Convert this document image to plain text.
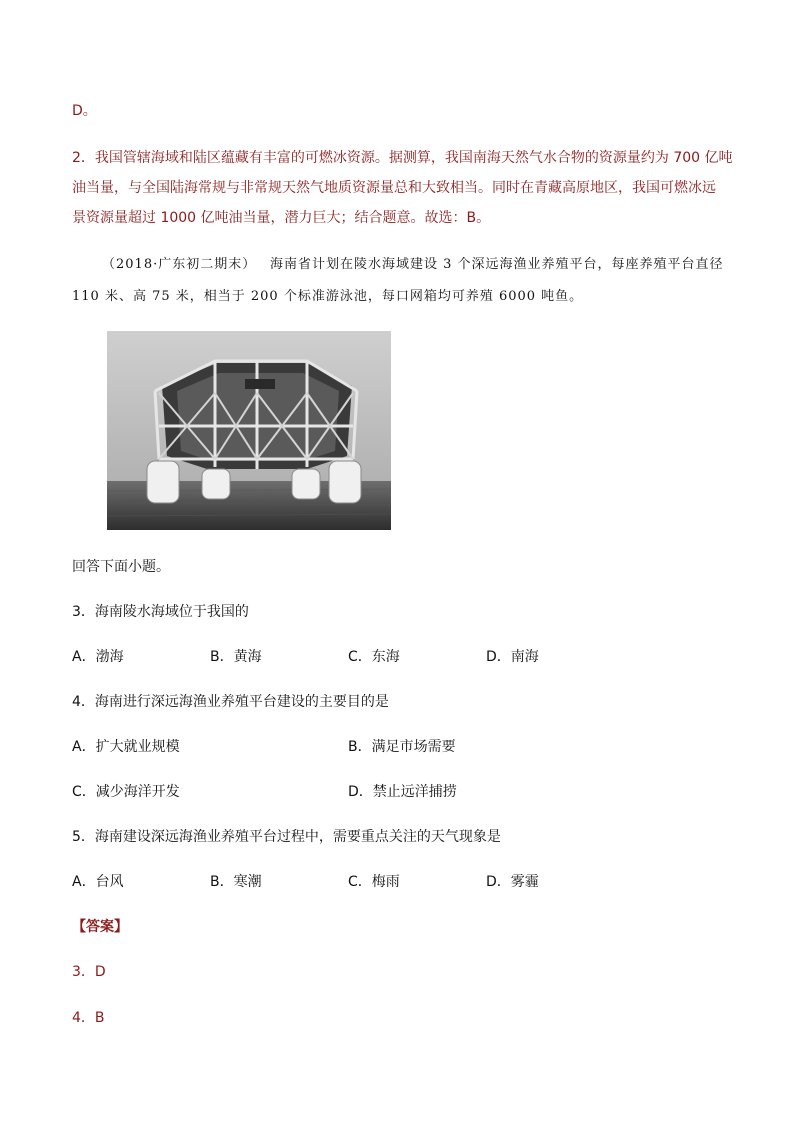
D。
2．我国管辖海域和陆区蕴藏有丰富的可燃冰资源。据测算，我国南海天然气水合物的资源量约为 700 亿吨
油当量，与全国陆海常规与非常规天然气地质资源量总和大致相当。同时在青藏高原地区，我国可燃冰远
景资源量超过 1000 亿吨油当量，潜力巨大；结合题意。故选：B。
（2018·广东初二期末） 海南省计划在陵水海域建设 3 个深远海渔业养殖平台，每座养殖平台直径
110 米、高 75 米，相当于 200 个标准游泳池，每口网箱均可养殖 6000 吨鱼。
回答下面小题。
3．海南陵水海域位于我国的
A．渤海	B．黄海	C．东海	D．南海
4．海南进行深远海渔业养殖平台建设的主要目的是
A．扩大就业规模	B．满足市场需要
C．减少海洋开发	D．禁止远洋捕捞
5．海南建设深远海渔业养殖平台过程中，需要重点关注的天气现象是
A．台风	B．寒潮	C．梅雨	D．雾霾
【答案】
3．D
4．B
